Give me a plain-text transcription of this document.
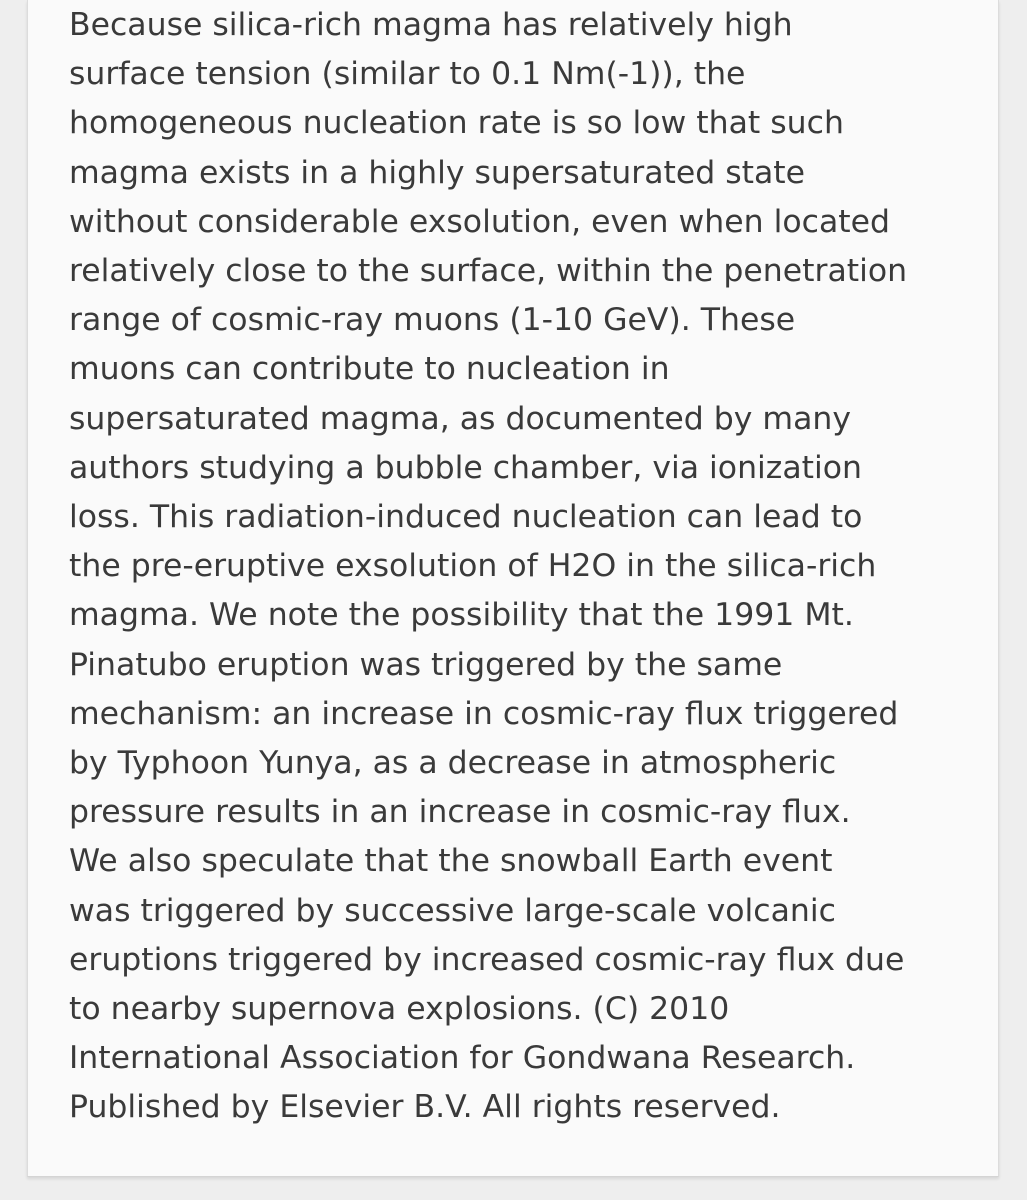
Because silica-rich magma has relatively high
surface tension (similar to 0.1 Nm(-1)), the
homogeneous nucleation rate is so low that such
magma exists in a highly supersaturated state
without considerable exsolution, even when located
relatively close to the surface, within the penetration
range of cosmic-ray muons (1-10 GeV). These
muons can contribute to nucleation in
supersaturated magma, as documented by many
authors studying a bubble chamber, via ionization
loss. This radiation-induced nucleation can lead to
the pre-eruptive exsolution of H2O in the silica-rich
magma. We note the possibility that the 1991 Mt.
Pinatubo eruption was triggered by the same
mechanism: an increase in cosmic-ray flux triggered
by Typhoon Yunya, as a decrease in atmospheric
pressure results in an increase in cosmic-ray flux.
We also speculate that the snowball Earth event
was triggered by successive large-scale volcanic
eruptions triggered by increased cosmic-ray flux due
to nearby supernova explosions. (C) 2010
International Association for Gondwana Research.
Published by Elsevier B.V. All rights reserved.
